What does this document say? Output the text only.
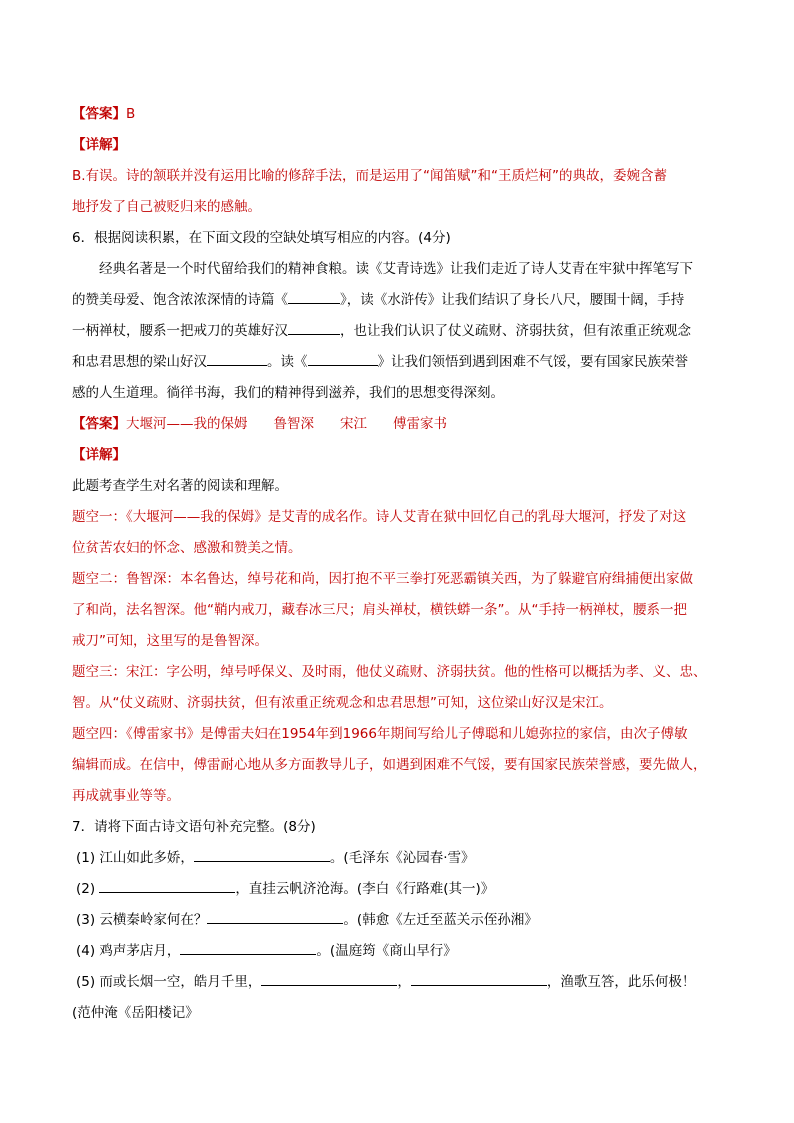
【答案】B
【详解】
B.有误。诗的颔联并没有运用比喻的修辞手法，而是运用了“闻笛赋”和“王质烂柯”的典故，委婉含蓄
地抒发了自己被贬归来的感触。
6．根据阅读积累，在下面文段的空缺处填写相应的内容。(4分)
经典名著是一个时代留给我们的精神食粮。读《艾青诗选》让我们走近了诗人艾青在牢狱中挥笔写下
的赞美母爱、饱含浓浓深情的诗篇《	》，读《水浒传》让我们结识了身长八尺，腰围十阔，手持
一柄禅杖，腰系一把戒刀的英雄好汉	，也让我们认识了仗义疏财、济弱扶贫，但有浓重正统观念
和忠君思想的梁山好汉	。读《	》让我们领悟到遇到困难不气馁，要有国家民族荣誉
感的人生道理。徜徉书海，我们的精神得到滋养，我们的思想变得深刻。
【答案】大堰河——我的保姆 鲁智深 宋江 傅雷家书
【详解】
此题考查学生对名著的阅读和理解。
题空一：《大堰河——我的保姆》是艾青的成名作。诗人艾青在狱中回忆自己的乳母大堰河，抒发了对这
位贫苦农妇的怀念、感激和赞美之情。
题空二：鲁智深：本名鲁达，绰号花和尚，因打抱不平三拳打死恶霸镇关西，为了躲避官府缉捕便出家做
了和尚，法名智深。他“鞘内戒刀，藏春冰三尺；肩头禅杖，横铁蟒一条”。从“手持一柄禅杖，腰系一把
戒刀”可知，这里写的是鲁智深。
题空三：宋江：字公明，绰号呼保义、及时雨，他仗义疏财、济弱扶贫。他的性格可以概括为孝、义、忠、
智。从“仗义疏财、济弱扶贫，但有浓重正统观念和忠君思想”可知，这位梁山好汉是宋江。
题空四：《傅雷家书》是傅雷夫妇在1954年到1966年期间写给儿子傅聪和儿媳弥拉的家信，由次子傅敏
编辑而成。在信中，傅雷耐心地从多方面教导儿子，如遇到困难不气馁，要有国家民族荣誉感，要先做人，
再成就事业等等。
7．请将下面古诗文语句补充完整。(8分)
(1) 江山如此多娇，	。(毛泽东《沁园春·雪》
(2)	，直挂云帆济沧海。(李白《行路难(其一)》
(3) 云横秦岭家何在？	。(韩愈《左迁至蓝关示侄孙湘》
(4) 鸡声茅店月，	。(温庭筠《商山早行》
(5) 而或长烟一空，皓月千里，	，	，渔歌互答，此乐何极！
(范仲淹《岳阳楼记》
